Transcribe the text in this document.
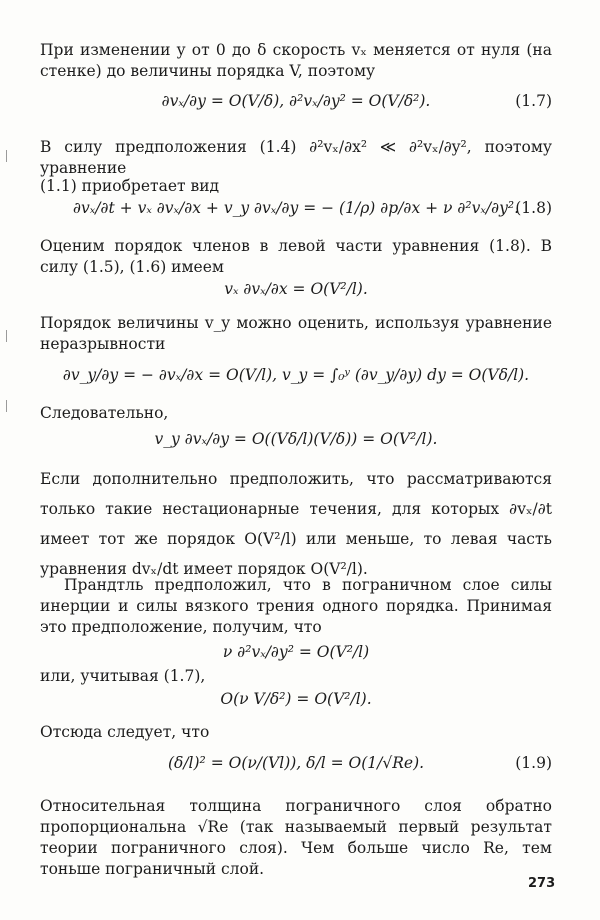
При изменении y от 0 до δ скорость vₓ меняется от нуля (на стенке) до величины порядка V, поэтому
∂vₓ/∂y = O(V/δ), ∂²vₓ/∂y² = O(V/δ²).	(1.7)
В силу предположения (1.4) ∂²vₓ/∂x² ≪ ∂²vₓ/∂y², поэтому уравнение
(1.1) приобретает вид
∂vₓ/∂t + vₓ ∂vₓ/∂x + v_y ∂vₓ/∂y = − (1/ρ) ∂p/∂x + ν ∂²vₓ/∂y².
(1.8)
Оценим порядок членов в левой части уравнения (1.8). В силу (1.5), (1.6) имеем
vₓ ∂vₓ/∂x = O(V²/l).
Порядок величины v_y можно оценить, используя уравнение неразрывности
∂v_y/∂y = − ∂vₓ/∂x = O(V/l), v_y = ∫₀ʸ (∂v_y/∂y) dy = O(Vδ/l).
Следовательно,
v_y ∂vₓ/∂y = O((Vδ/l)(V/δ)) = O(V²/l).
Если дополнительно предположить, что рассматриваются только такие нестационарные течения, для которых ∂vₓ/∂t имеет тот же порядок O(V²/l) или меньше, то левая часть уравнения dvₓ/dt имеет порядок O(V²/l).
Прандтль предположил, что в пограничном слое силы инерции и силы вязкого трения одного порядка. Принимая это предположение, получим, что
ν ∂²vₓ/∂y² = O(V²/l)
или, учитывая (1.7),
O(ν V/δ²) = O(V²/l).
Отсюда следует, что
(δ/l)² = O(ν/(Vl)), δ/l = O(1/√Re).	(1.9)
Относительная толщина пограничного слоя обратно пропорциональна √Re (так называемый первый результат теории пограничного слоя). Чем больше число Re, тем тоньше пограничный слой.
273
